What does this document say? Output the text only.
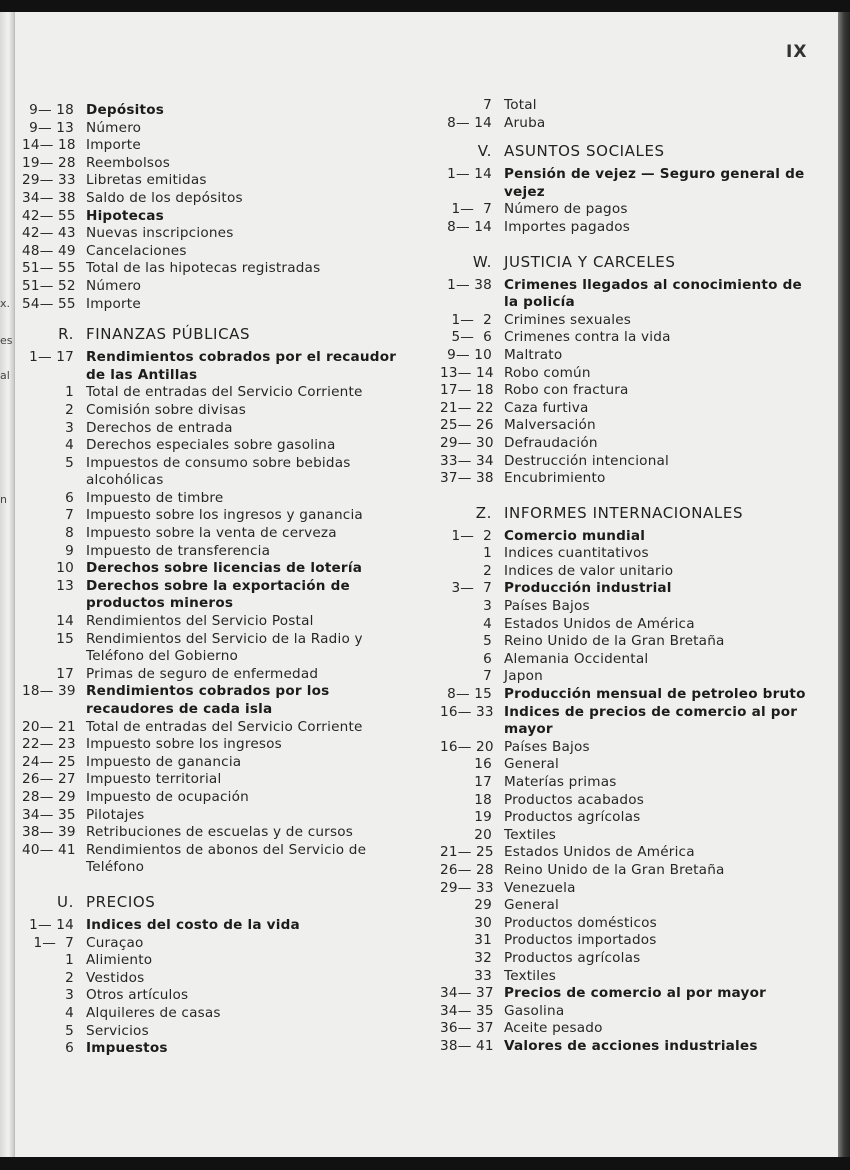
x.
es
al
n
IX
9— 18 Depósitos
9— 13 Número
14— 18 Importe
19— 28 Reembolsos
29— 33 Libretas emitidas
34— 38 Saldo de los depósitos
42— 55 Hipotecas
42— 43 Nuevas inscripciones
48— 49 Cancelaciones
51— 55 Total de las hipotecas registradas
51— 52 Número
54— 55 Importe
R. FINANZAS PÚBLICAS
1— 17 Rendimientos cobrados por el recaudor de las Antillas
1 Total de entradas del Servicio Corriente
2 Comisión sobre divisas
3 Derechos de entrada
4 Derechos especiales sobre gasolina
5 Impuestos de consumo sobre bebidas alcohólicas
6 Impuesto de timbre
7 Impuesto sobre los ingresos y ganancia
8 Impuesto sobre la venta de cerveza
9 Impuesto de transferencia
10 Derechos sobre licencias de lotería
13 Derechos sobre la exportación de productos mineros
14 Rendimientos del Servicio Postal
15 Rendimientos del Servicio de la Radio y Teléfono del Gobierno
17 Primas de seguro de enfermedad
18— 39 Rendimientos cobrados por los recaudores de cada isla
20— 21 Total de entradas del Servicio Corriente
22— 23 Impuesto sobre los ingresos
24— 25 Impuesto de ganancia
26— 27 Impuesto territorial
28— 29 Impuesto de ocupación
34— 35 Pilotajes
38— 39 Retribuciones de escuelas y de cursos
40— 41 Rendimientos de abonos del Servicio de Teléfono
U. PRECIOS
1— 14 Indices del costo de la vida
1—  7 Curaçao
1 Alimiento
2 Vestidos
3 Otros artículos
4 Alquileres de casas
5 Servicios
6 Impuestos
7 Total
8— 14 Aruba
V. ASUNTOS SOCIALES
1— 14 Pensión de vejez — Seguro general de vejez
1—  7 Número de pagos
8— 14 Importes pagados
W. JUSTICIA Y CARCELES
1— 38 Crimenes llegados al conocimiento de la policía
1—  2 Crimines sexuales
5—  6 Crimenes contra la vida
9— 10 Maltrato
13— 14 Robo común
17— 18 Robo con fractura
21— 22 Caza furtiva
25— 26 Malversación
29— 30 Defraudación
33— 34 Destrucción intencional
37— 38 Encubrimiento
Z. INFORMES INTERNACIONALES
1—  2 Comercio mundial
1 Indices cuantitativos
2 Indices de valor unitario
3—  7 Producción industrial
3 Países Bajos
4 Estados Unidos de América
5 Reino Unido de la Gran Bretaña
6 Alemania Occidental
7 Japon
8— 15 Producción mensual de petroleo bruto
16— 33 Indices de precios de comercio al por mayor
16— 20 Países Bajos
16 General
17 Materías primas
18 Productos acabados
19 Productos agrícolas
20 Textiles
21— 25 Estados Unidos de América
26— 28 Reino Unido de la Gran Bretaña
29— 33 Venezuela
29 General
30 Productos domésticos
31 Productos importados
32 Productos agrícolas
33 Textiles
34— 37 Precios de comercio al por mayor
34— 35 Gasolina
36— 37 Aceite pesado
38— 41 Valores de acciones industriales
